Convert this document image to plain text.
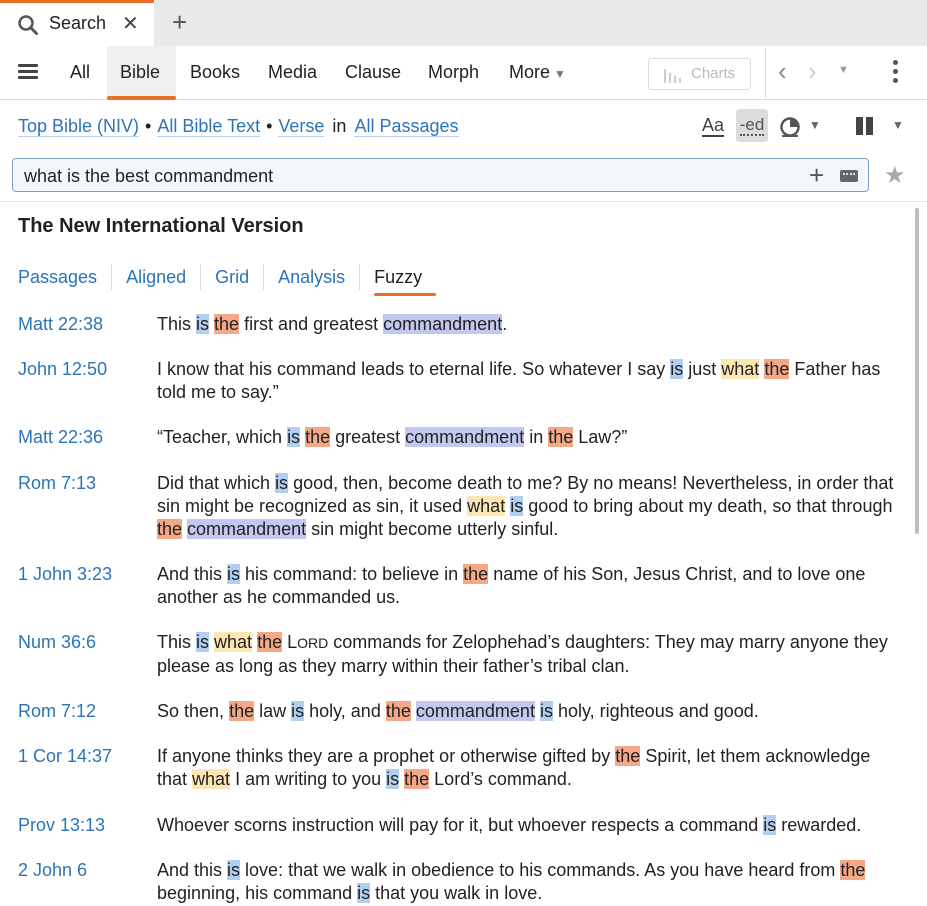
Search ✕ +
All	Bible	Books	Media	Clause	Morph	More ▼	Charts	‹ › ▼
Top Bible (NIV) • All Bible Text • Verse in All Passages	Aa -ed	▼	▼
what is the best commandment
+ ★
The New International Version
Passages Aligned Grid Analysis Fuzzy
Matt 22:38	This is the first and greatest commandment.
John 12:50	I know that his command leads to eternal life. So whatever I say is just what the Father has told me to say.”
Matt 22:36	“Teacher, which is the greatest commandment in the Law?”
Rom 7:13	Did that which is good, then, become death to me? By no means! Nevertheless, in order that sin might be recognized as sin, it used what is good to bring about my death, so that through the commandment sin might become utterly sinful.
1 John 3:23 And this is his command: to believe in the name of his Son, Jesus Christ, and to love one another as he commanded us.
Num 36:6	This is what the LORD commands for Zelophehad’s daughters: They may marry anyone they please as long as they marry within their father’s tribal clan.
Rom 7:12	So then, the law is holy, and the commandment is holy, righteous and good.
1 Cor 14:37 If anyone thinks they are a prophet or otherwise gifted by the Spirit, let them acknowledge that what I am writing to you is the Lord’s command.
Prov 13:13	Whoever scorns instruction will pay for it, but whoever respects a command is rewarded.
2 John 6	And this is love: that we walk in obedience to his commands. As you have heard from the beginning, his command is that you walk in love.
